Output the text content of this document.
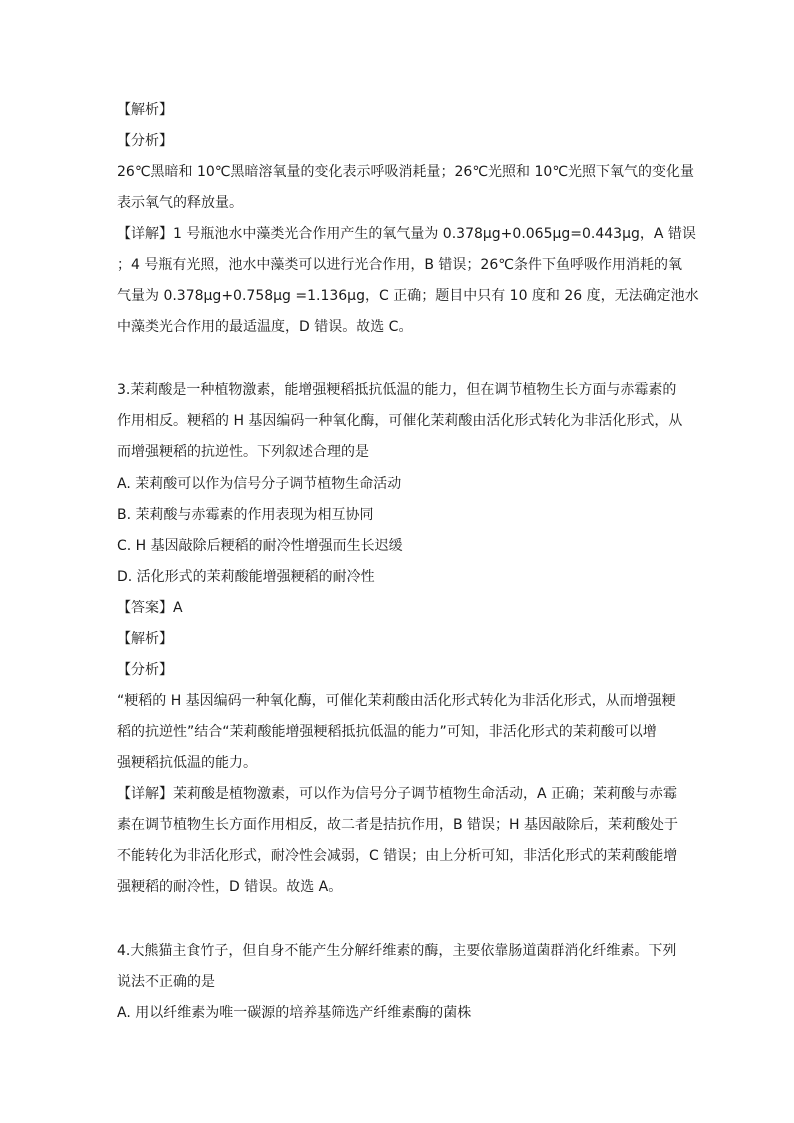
【解析】
【分析】
26℃黑暗和 10℃黑暗溶氧量的变化表示呼吸消耗量；26℃光照和 10℃光照下氧气的变化量
表示氧气的释放量。
【详解】1 号瓶池水中藻类光合作用产生的氧气量为 0.378μg+0.065μg=0.443μg，A 错误
；4 号瓶有光照，池水中藻类可以进行光合作用，B 错误；26℃条件下鱼呼吸作用消耗的氧
气量为 0.378μg+0.758μg =1.136μg，C 正确；题目中只有 10 度和 26 度，无法确定池水
中藻类光合作用的最适温度，D 错误。故选 C。
3.茉莉酸是一种植物激素，能增强粳稻抵抗低温的能力，但在调节植物生长方面与赤霉素的
作用相反。粳稻的 H 基因编码一种氧化酶，可催化茉莉酸由活化形式转化为非活化形式，从
而增强粳稻的抗逆性。下列叙述合理的是
A. 茉莉酸可以作为信号分子调节植物生命活动
B. 茉莉酸与赤霉素的作用表现为相互协同
C. H 基因敲除后粳稻的耐冷性增强而生长迟缓
D. 活化形式的茉莉酸能增强粳稻的耐冷性
【答案】A
【解析】
【分析】
“粳稻的 H 基因编码一种氧化酶，可催化茉莉酸由活化形式转化为非活化形式，从而增强粳
稻的抗逆性”结合“茉莉酸能增强粳稻抵抗低温的能力”可知，非活化形式的茉莉酸可以增
强粳稻抗低温的能力。
【详解】茉莉酸是植物激素，可以作为信号分子调节植物生命活动，A 正确；茉莉酸与赤霉
素在调节植物生长方面作用相反，故二者是拮抗作用，B 错误；H 基因敲除后，茉莉酸处于
不能转化为非活化形式，耐冷性会减弱，C 错误；由上分析可知，非活化形式的茉莉酸能增
强粳稻的耐冷性，D 错误。故选 A。
4.大熊猫主食竹子，但自身不能产生分解纤维素的酶，主要依靠肠道菌群消化纤维素。下列
说法不正确的是
A. 用以纤维素为唯一碳源的培养基筛选产纤维素酶的菌株
